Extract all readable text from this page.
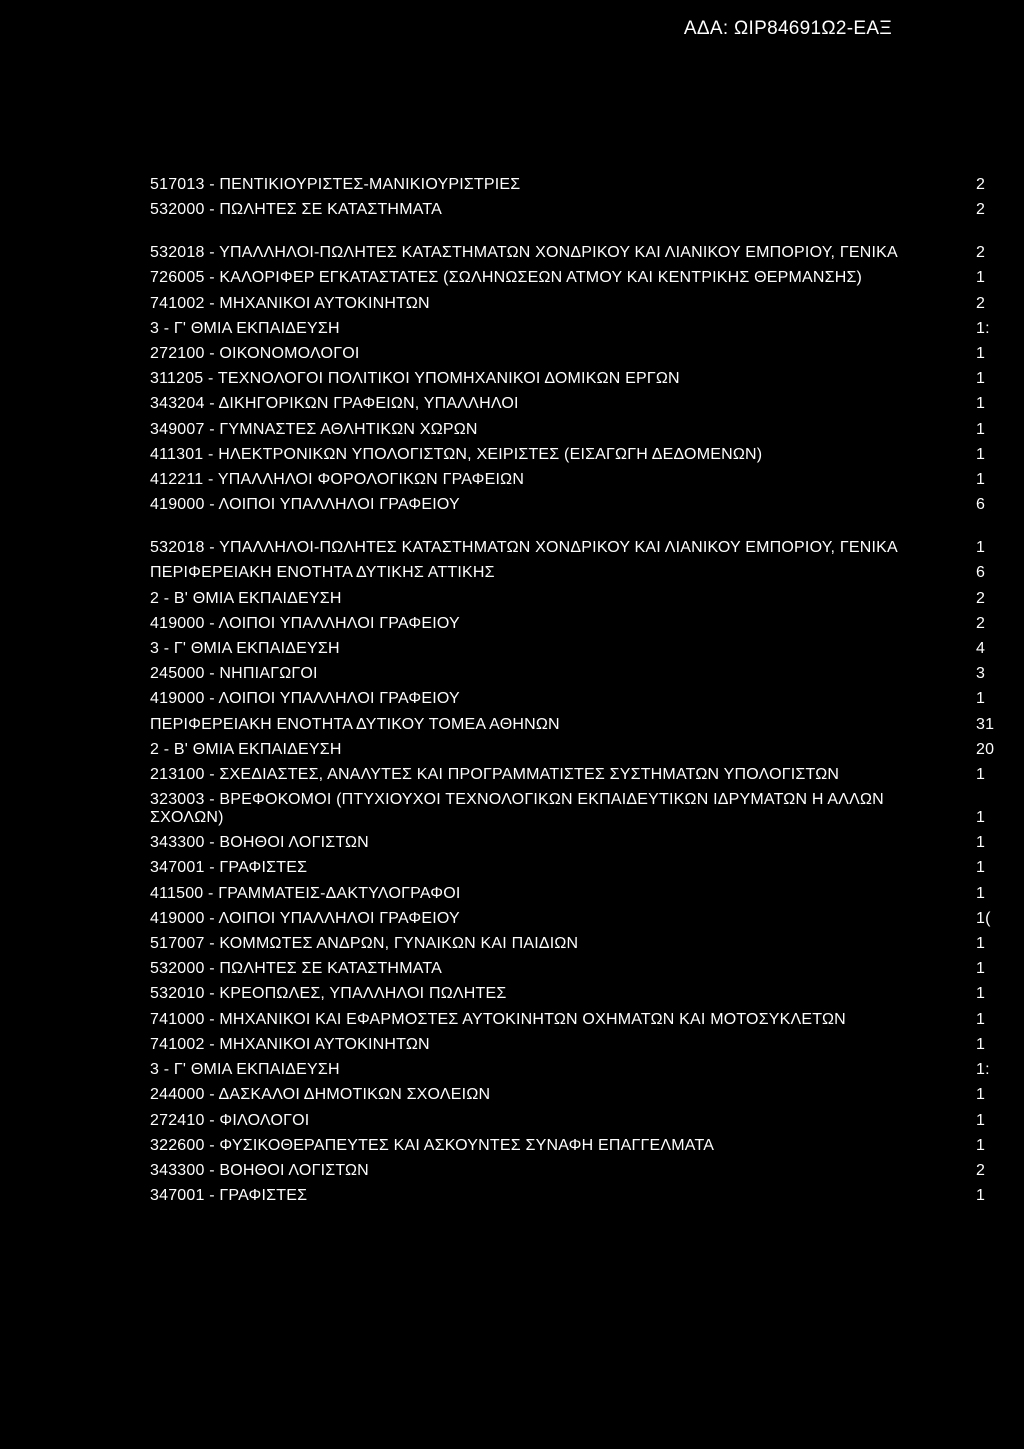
ΑΔΑ: ΩΙΡ84691Ω2-ΕΑΞ
517013 - ΠΕΝΤΙΚΙΟΥΡΙΣΤΕΣ-ΜΑΝΙΚΙΟΥΡΙΣΤΡΙΕΣ	2
532000 - ΠΩΛΗΤΕΣ ΣΕ ΚΑΤΑΣΤΗΜΑΤΑ	2
532018 - ΥΠΑΛΛΗΛΟΙ-ΠΩΛΗΤΕΣ ΚΑΤΑΣΤΗΜΑΤΩΝ ΧΟΝΔΡΙΚΟΥ ΚΑΙ ΛΙΑΝΙΚΟΥ ΕΜΠΟΡΙΟΥ, ΓΕΝΙΚΑ	2
726005 - ΚΑΛΟΡΙΦΕΡ ΕΓΚΑΤΑΣΤΑΤΕΣ (ΣΩΛΗΝΩΣΕΩΝ ΑΤΜΟΥ ΚΑΙ ΚΕΝΤΡΙΚΗΣ ΘΕΡΜΑΝΣΗΣ)	1
741002 - ΜΗΧΑΝΙΚΟΙ ΑΥΤΟΚΙΝΗΤΩΝ	2
3 - Γ' ΘΜΙΑ ΕΚΠΑΙΔΕΥΣΗ	1:
272100 - ΟΙΚΟΝΟΜΟΛΟΓΟΙ	1
311205 - ΤΕΧΝΟΛΟΓΟΙ ΠΟΛΙΤΙΚΟΙ ΥΠΟΜΗΧΑΝΙΚΟΙ ΔΟΜΙΚΩΝ ΕΡΓΩΝ	1
343204 - ΔΙΚΗΓΟΡΙΚΩΝ ΓΡΑΦΕΙΩΝ, ΥΠΑΛΛΗΛΟΙ	1
349007 - ΓΥΜΝΑΣΤΕΣ ΑΘΛΗΤΙΚΩΝ ΧΩΡΩΝ	1
411301 - ΗΛΕΚΤΡΟΝΙΚΩΝ ΥΠΟΛΟΓΙΣΤΩΝ, ΧΕΙΡΙΣΤΕΣ (ΕΙΣΑΓΩΓΗ ΔΕΔΟΜΕΝΩΝ)	1
412211 - ΥΠΑΛΛΗΛΟΙ ΦΟΡΟΛΟΓΙΚΩΝ ΓΡΑΦΕΙΩΝ	1
419000 - ΛΟΙΠΟΙ ΥΠΑΛΛΗΛΟΙ ΓΡΑΦΕΙΟΥ	6
532018 - ΥΠΑΛΛΗΛΟΙ-ΠΩΛΗΤΕΣ ΚΑΤΑΣΤΗΜΑΤΩΝ ΧΟΝΔΡΙΚΟΥ ΚΑΙ ΛΙΑΝΙΚΟΥ ΕΜΠΟΡΙΟΥ, ΓΕΝΙΚΑ	1
ΠΕΡΙΦΕΡΕΙΑΚΗ ΕΝΟΤΗΤΑ ΔΥΤΙΚΗΣ ΑΤΤΙΚΗΣ	6
2 - Β' ΘΜΙΑ ΕΚΠΑΙΔΕΥΣΗ	2
419000 - ΛΟΙΠΟΙ ΥΠΑΛΛΗΛΟΙ ΓΡΑΦΕΙΟΥ	2
3 - Γ' ΘΜΙΑ ΕΚΠΑΙΔΕΥΣΗ	4
245000 - ΝΗΠΙΑΓΩΓΟΙ	3
419000 - ΛΟΙΠΟΙ ΥΠΑΛΛΗΛΟΙ ΓΡΑΦΕΙΟΥ	1
ΠΕΡΙΦΕΡΕΙΑΚΗ ΕΝΟΤΗΤΑ ΔΥΤΙΚΟΥ ΤΟΜΕΑ ΑΘΗΝΩΝ	31
2 - Β' ΘΜΙΑ ΕΚΠΑΙΔΕΥΣΗ	20
213100 - ΣΧΕΔΙΑΣΤΕΣ, ΑΝΑΛΥΤΕΣ ΚΑΙ ΠΡΟΓΡΑΜΜΑΤΙΣΤΕΣ ΣΥΣΤΗΜΑΤΩΝ ΥΠΟΛΟΓΙΣΤΩΝ	1
323003 - ΒΡΕΦΟΚΟΜΟΙ (ΠΤΥΧΙΟΥΧΟΙ ΤΕΧΝΟΛΟΓΙΚΩΝ ΕΚΠΑΙΔΕΥΤΙΚΩΝ ΙΔΡΥΜΑΤΩΝ Η ΑΛΛΩΝ ΣΧΟΛΩΝ)	1
343300 - ΒΟΗΘΟΙ ΛΟΓΙΣΤΩΝ	1
347001 - ΓΡΑΦΙΣΤΕΣ	1
411500 - ΓΡΑΜΜΑΤΕΙΣ-ΔΑΚΤΥΛΟΓΡΑΦΟΙ	1
419000 - ΛΟΙΠΟΙ ΥΠΑΛΛΗΛΟΙ ΓΡΑΦΕΙΟΥ	1(
517007 - ΚΟΜΜΩΤΕΣ ΑΝΔΡΩΝ, ΓΥΝΑΙΚΩΝ ΚΑΙ ΠΑΙΔΙΩΝ	1
532000 - ΠΩΛΗΤΕΣ ΣΕ ΚΑΤΑΣΤΗΜΑΤΑ	1
532010 - ΚΡΕΟΠΩΛΕΣ, ΥΠΑΛΛΗΛΟΙ ΠΩΛΗΤΕΣ	1
741000 - ΜΗΧΑΝΙΚΟΙ ΚΑΙ ΕΦΑΡΜΟΣΤΕΣ ΑΥΤΟΚΙΝΗΤΩΝ ΟΧΗΜΑΤΩΝ ΚΑΙ ΜΟΤΟΣΥΚΛΕΤΩΝ	1
741002 - ΜΗΧΑΝΙΚΟΙ ΑΥΤΟΚΙΝΗΤΩΝ	1
3 - Γ' ΘΜΙΑ ΕΚΠΑΙΔΕΥΣΗ	1:
244000 - ΔΑΣΚΑΛΟΙ ΔΗΜΟΤΙΚΩΝ ΣΧΟΛΕΙΩΝ	1
272410 - ΦΙΛΟΛΟΓΟΙ	1
322600 - ΦΥΣΙΚΟΘΕΡΑΠΕΥΤΕΣ ΚΑΙ ΑΣΚΟΥΝΤΕΣ ΣΥΝΑΦΗ ΕΠΑΓΓΕΛΜΑΤΑ	1
343300 - ΒΟΗΘΟΙ ΛΟΓΙΣΤΩΝ	2
347001 - ΓΡΑΦΙΣΤΕΣ	1
